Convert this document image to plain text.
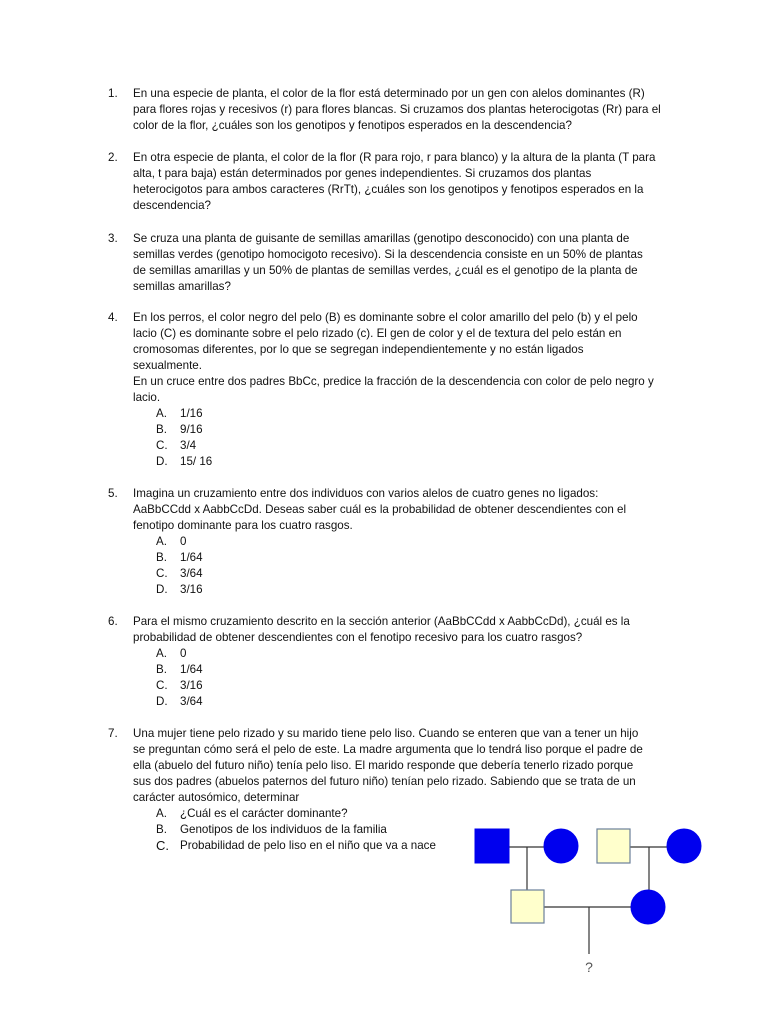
1. En una especie de planta, el color de la flor está determinado por un gen con alelos dominantes (R) para flores rojas y recesivos (r) para flores blancas. Si cruzamos dos plantas heterocigotas (Rr) para el color de la flor, ¿cuáles son los genotipos y fenotipos esperados en la descendencia?
2. En otra especie de planta, el color de la flor (R para rojo, r para blanco) y la altura de la planta (T para alta, t para baja) están determinados por genes independientes. Si cruzamos dos plantas heterocigotos para ambos caracteres (RrTt), ¿cuáles son los genotipos y fenotipos esperados en la descendencia?
3. Se cruza una planta de guisante de semillas amarillas (genotipo desconocido) con una planta de semillas verdes (genotipo homocigoto recesivo). Si la descendencia consiste en un 50% de plantas de semillas amarillas y un 50% de plantas de semillas verdes, ¿cuál es el genotipo de la planta de semillas amarillas?
4. En los perros, el color negro del pelo (B) es dominante sobre el color amarillo del pelo (b) y el pelo lacio (C) es dominante sobre el pelo rizado (c). El gen de color y el de textura del pelo están en cromosomas diferentes, por lo que se segregan independientemente y no están ligados sexualmente.
En un cruce entre dos padres BbCc, predice la fracción de la descendencia con color de pelo negro y lacio.
A. 1/16
B. 9/16
C. 3/4
D. 15/ 16
5. Imagina un cruzamiento entre dos individuos con varios alelos de cuatro genes no ligados: AaBbCCdd x AabbCcDd. Deseas saber cuál es la probabilidad de obtener descendientes con el fenotipo dominante para los cuatro rasgos.
A. 0
B. 1/64
C. 3/64
D. 3/16
6. Para el mismo cruzamiento descrito en la sección anterior (AaBbCCdd x AabbCcDd), ¿cuál es la probabilidad de obtener descendientes con el fenotipo recesivo para los cuatro rasgos?
A. 0
B. 1/64
C. 3/16
D. 3/64
7. Una mujer tiene pelo rizado y su marido tiene pelo liso. Cuando se enteren que van a tener un hijo se preguntan cómo será el pelo de este. La madre argumenta que lo tendrá liso porque el padre de ella (abuelo del futuro niño) tenía pelo liso. El marido responde que debería tenerlo rizado porque sus dos padres (abuelos paternos del futuro niño) tenían pelo rizado. Sabiendo que se trata de un carácter autosómico, determinar
A. ¿Cuál es el carácter dominante?
B. Genotipos de los individuos de la familia
C. Probabilidad de pelo liso en el niño que va a nace
?
